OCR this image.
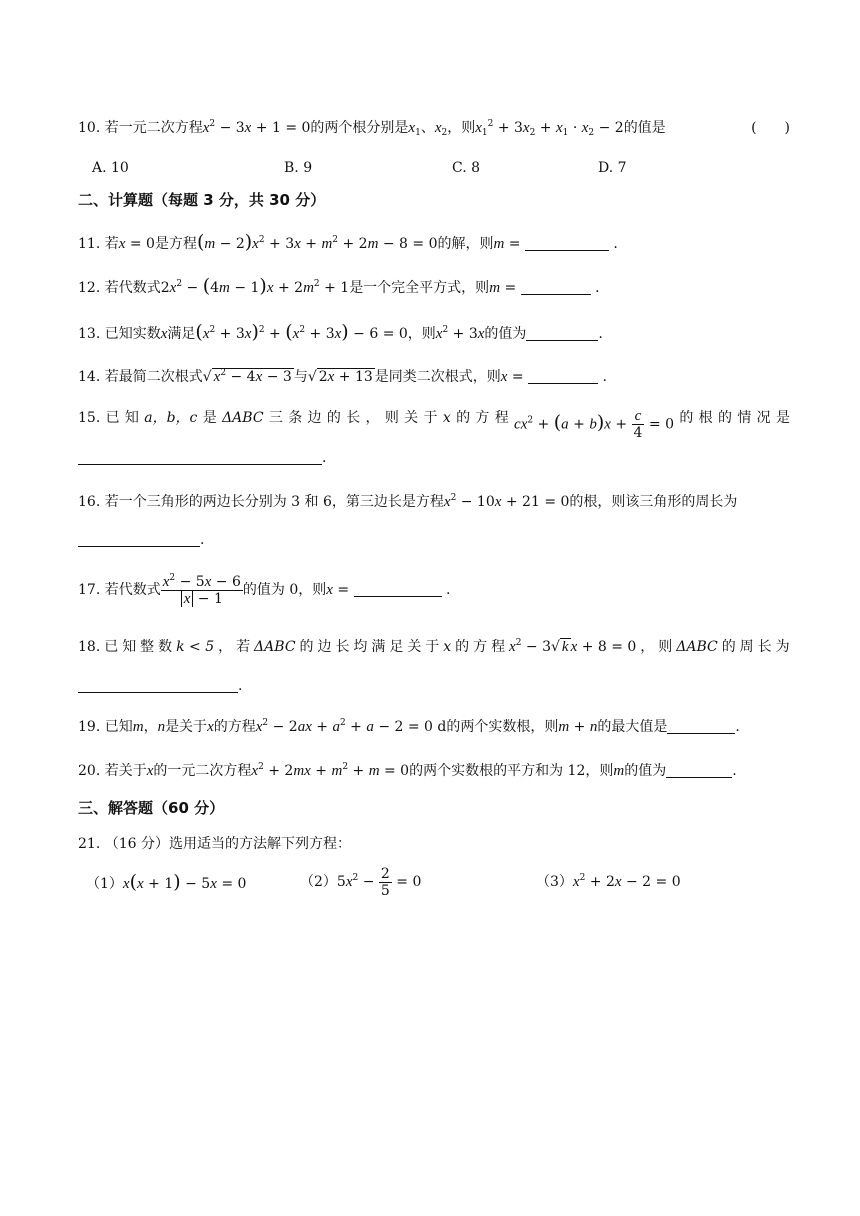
10. 若一元二次方程$x^2 - 3x + 1 = 0$的两个根分别是$x_1$、$x_2$，则$x_1^2 + 3x_2 + x_1 \cdot x_2 - 2$的值是	(　　)
A. 10	B. 9	C. 8	D. 7
二、计算题（每题 3 分，共 30 分）
11. 若x = 0是方程$(m - 2)x^2 + 3x + m^2 + 2m - 8 = 0$的解，则m =	.
12. 若代数式$2x^2 - (4m - 1)x + 2m^2 + 1$是一个完全平方式，则m =	.
13. 已知实数x满足$(x^2 + 3x)^2 + (x^2 + 3x) - 6 = 0$，则$x^2 + 3x$的值为	.
14. 若最简二次根式√ $x^2 - 4x - 3$ 与√ 2x + 13 是同类二次根式，则x =	.
15. 已 知 a，b，c 是 ΔABC 三 条 边 的 长 ， 则 关 于 x 的 方 程 $cx^2 + (a + b)x + \frac{c}{4} = 0$ 的 根 的 情 况 是
.
16. 若一个三角形的两边长分别为 3 和 6，第三边长是方程$x^2 - 10x + 21 = 0$的根，则该三角形的周长为
.
17. 若代数式 $\frac{x^2 - 5x - 6}{x - 1}$ 的值为 0，则x =	.
18. 已 知 整 数 k < 5 ， 若 ΔABC 的 边 长 均 满 足 关 于 x 的 方 程 $x^2 - 3√$ k x + 8 = 0 ， 则 ΔABC 的 周 长 为
.
19. 已知m，n是关于x的方程$x^2 - 2ax + a^2 + a - 2 = 0$ d的两个实数根，则m + n的最大值是	.
20. 若关于x的一元二次方程$x^2 + 2mx + m^2 + m = 0$的两个实数根的平方和为 12，则m的值为	.
三、解答题（60 分）
21. （16 分）选用适当的方法解下列方程：
（1）x(x + 1) − 5x = 0	$(2)5x^2 - \frac{2}{5} = 0$	$(3)x^2 + 2x - 2 = 0$
